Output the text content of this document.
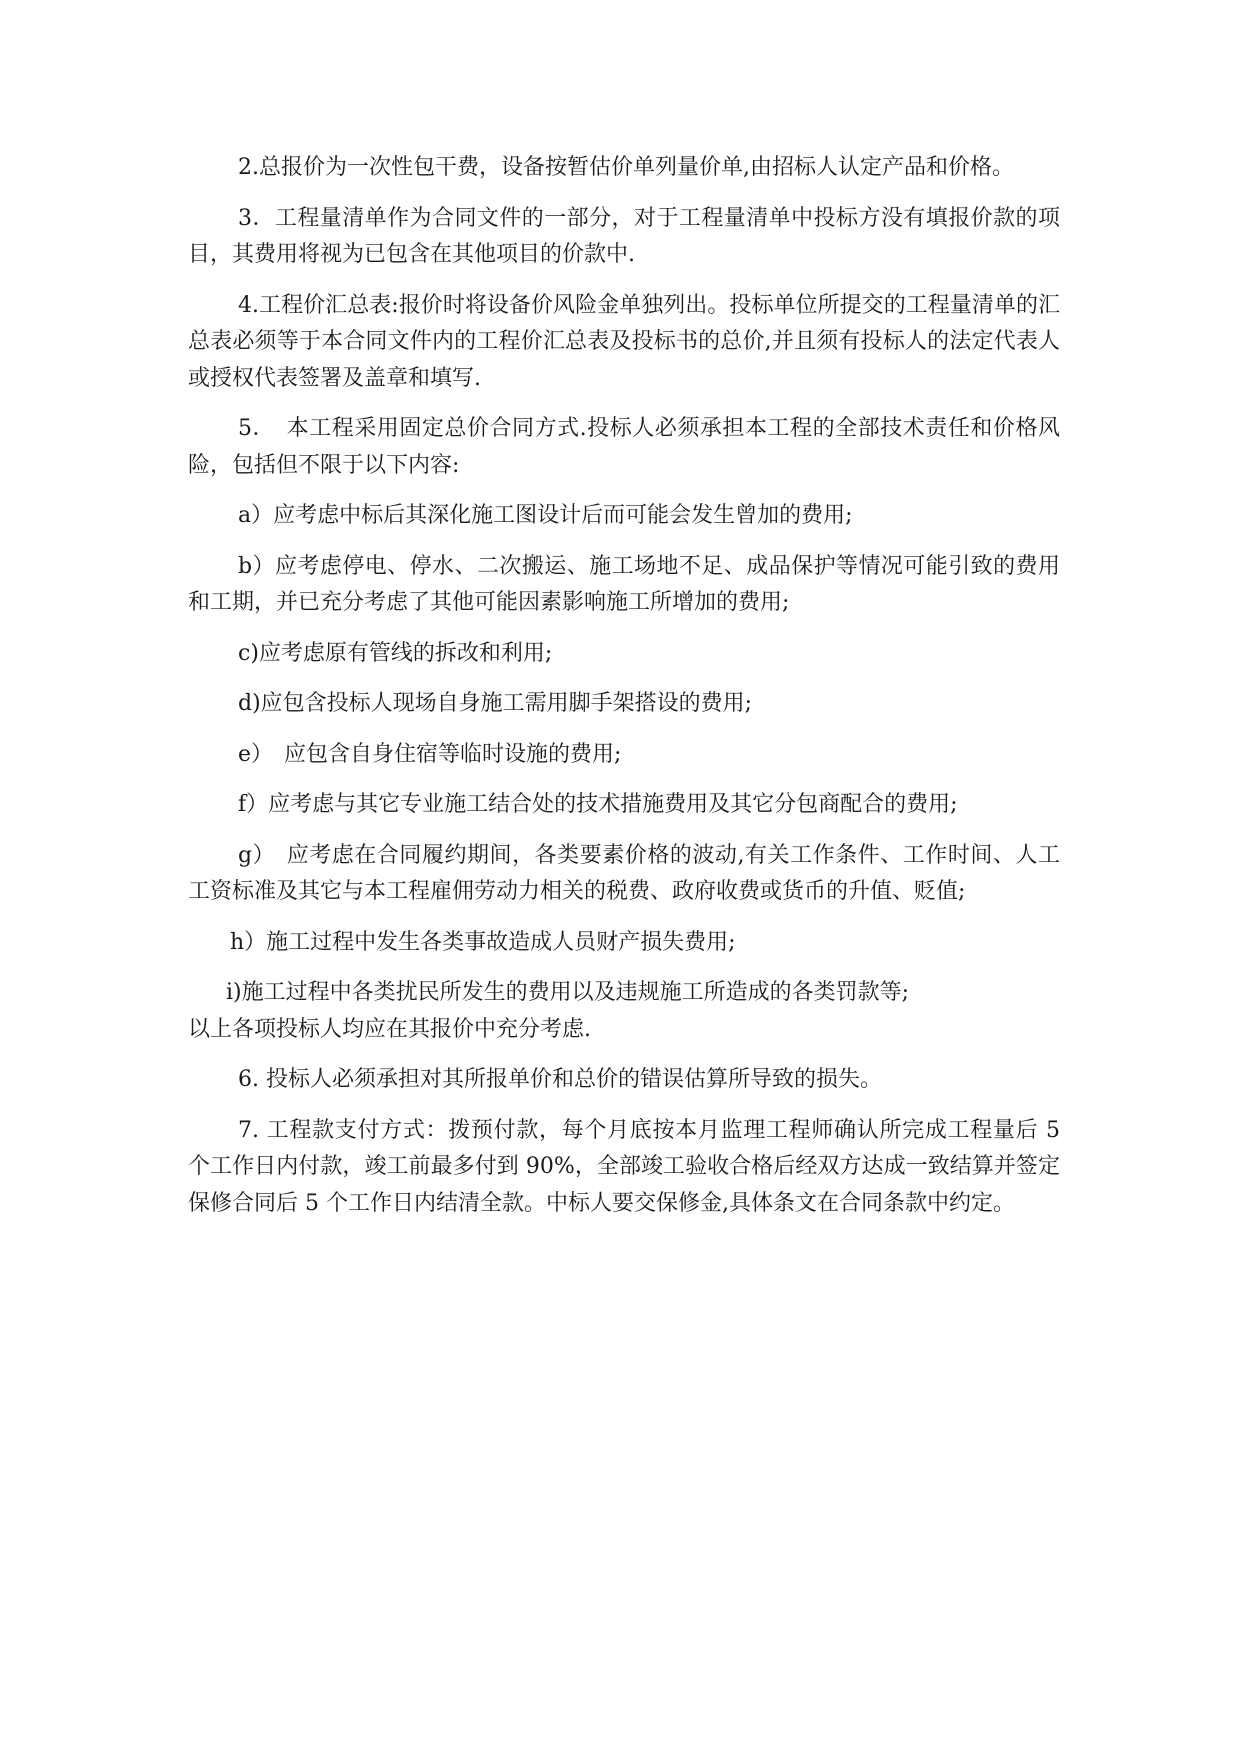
2.总报价为一次性包干费，设备按暂估价单列量价单,由招标人认定产品和价格。

3．工程量清单作为合同文件的一部分，对于工程量清单中投标方没有填报价款的项目，其费用将视为已包含在其他项目的价款中.

4.工程价汇总表:报价时将设备价风险金单独列出。投标单位所提交的工程量清单的汇总表必须等于本合同文件内的工程价汇总表及投标书的总价,并且须有投标人的法定代表人或授权代表签署及盖章和填写.

5．　本工程采用固定总价合同方式.投标人必须承担本工程的全部技术责任和价格风险，包括但不限于以下内容:

a）应考虑中标后其深化施工图设计后而可能会发生曾加的费用;

b）应考虑停电、停水、二次搬运、施工场地不足、成品保护等情况可能引致的费用和工期，并已充分考虑了其他可能因素影响施工所增加的费用;

c)应考虑原有管线的拆改和利用;

d)应包含投标人现场自身施工需用脚手架搭设的费用;

e）　应包含自身住宿等临时设施的费用;

f）应考虑与其它专业施工结合处的技术措施费用及其它分包商配合的费用;

g）　应考虑在合同履约期间，各类要素价格的波动,有关工作条件、工作时间、人工工资标准及其它与本工程雇佣劳动力相关的税费、政府收费或货币的升值、贬值;

h）施工过程中发生各类事故造成人员财产损失费用;

i)施工过程中各类扰民所发生的费用以及违规施工所造成的各类罚款等;

以上各项投标人均应在其报价中充分考虑.

6. 投标人必须承担对其所报单价和总价的错误估算所导致的损失。

7. 工程款支付方式：拨预付款，每个月底按本月监理工程师确认所完成工程量后 5 个工作日内付款，竣工前最多付到 90%，全部竣工验收合格后经双方达成一致结算并签定保修合同后 5 个工作日内结清全款。中标人要交保修金,具体条文在合同条款中约定。
